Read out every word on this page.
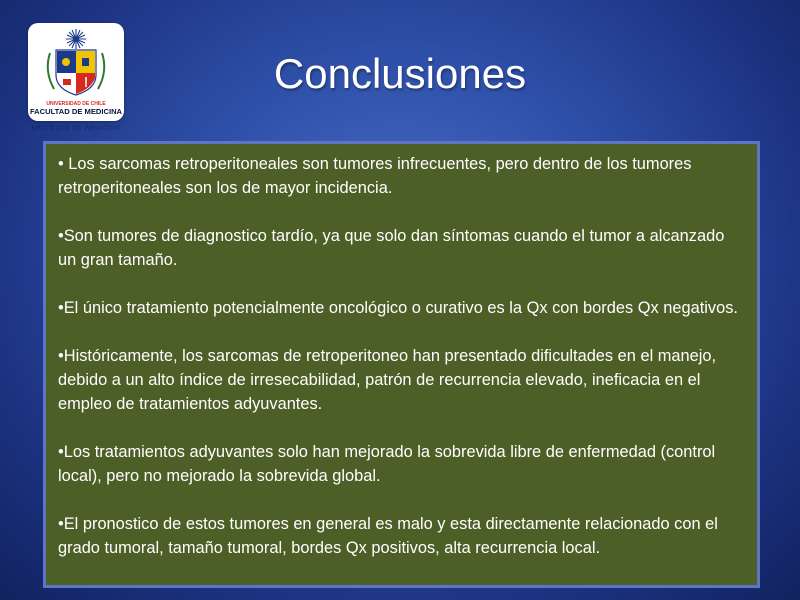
UNIVERSIDAD DE CHILE
FACULTAD DE MEDICINA
FACULTAD DE MEDICINA
Conclusiones

• Los sarcomas retroperitoneales son tumores infrecuentes, pero dentro de los tumores retroperitoneales son los de mayor incidencia.

•Son tumores de diagnostico tardío, ya que solo dan síntomas cuando el tumor a alcanzado un gran tamaño.

•El único tratamiento potencialmente oncológico o curativo es la Qx con bordes Qx negativos.

•Históricamente, los sarcomas de retroperitoneo han presentado dificultades en el manejo, debido a un alto índice de irresecabilidad, patrón de recurrencia elevado, ineficacia en el empleo de tratamientos adyuvantes.

•Los tratamientos adyuvantes solo han mejorado la sobrevida libre de enfermedad (control local), pero no mejorado la sobrevida global.

•El pronostico de estos tumores en general es malo y esta directamente relacionado con el grado tumoral, tamaño tumoral, bordes Qx positivos, alta recurrencia local.
